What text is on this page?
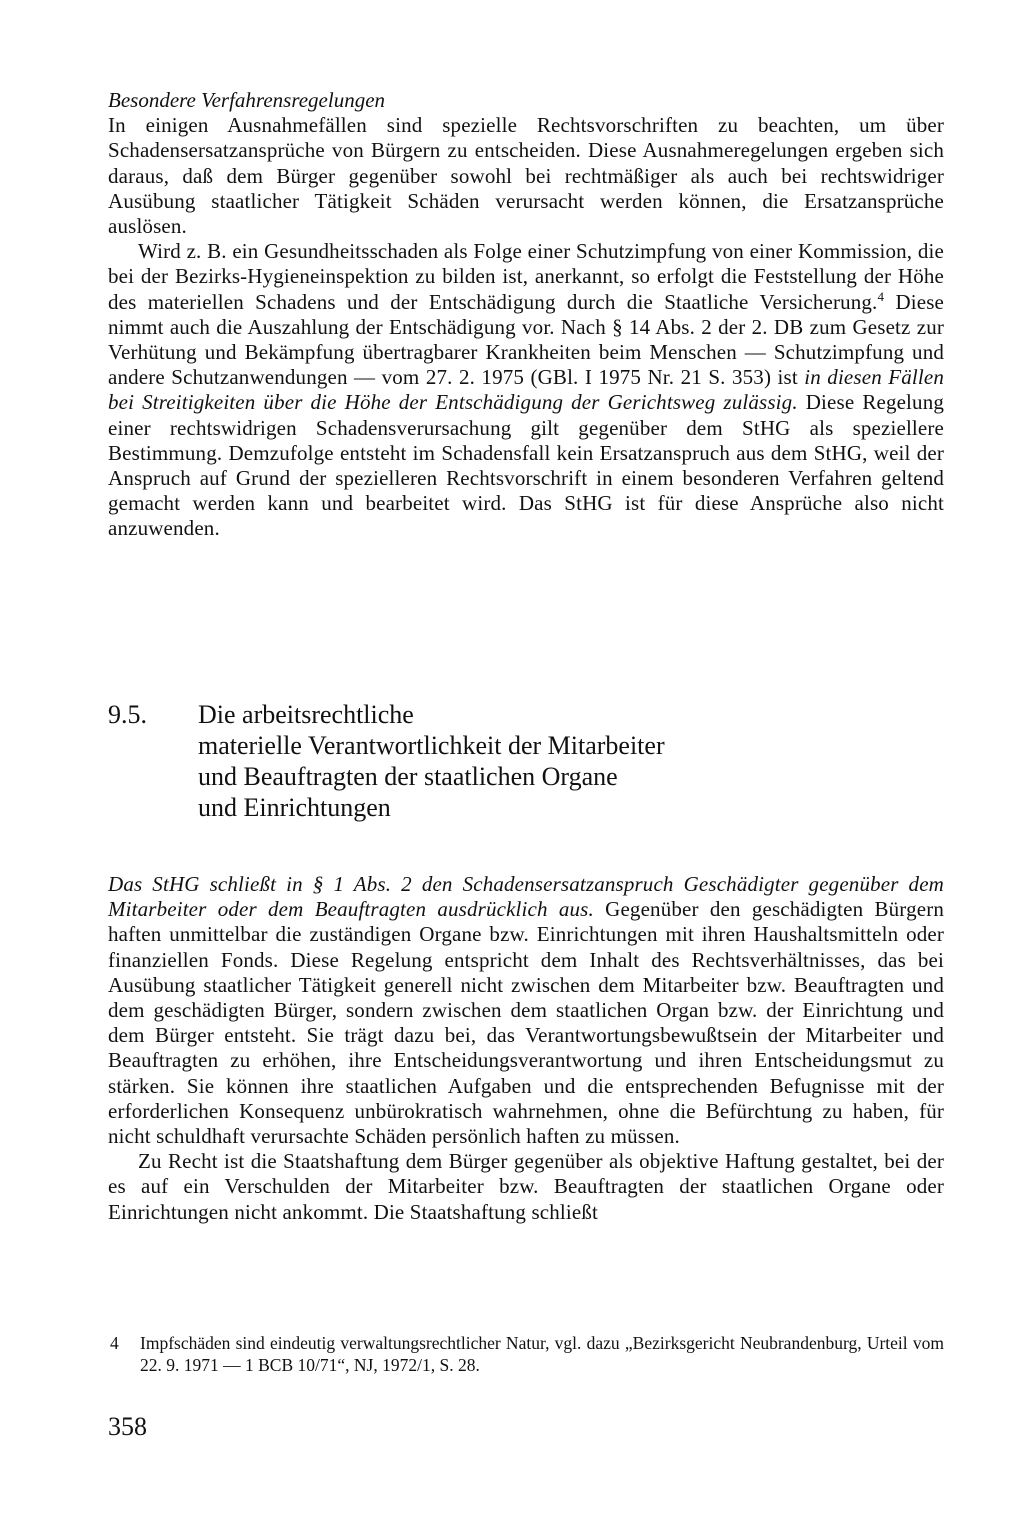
Besondere Verfahrensregelungen

In einigen Ausnahmefällen sind spezielle Rechtsvorschriften zu beachten, um über Schadensersatzansprüche von Bürgern zu entscheiden. Diese Ausnahmeregelungen ergeben sich daraus, daß dem Bürger gegenüber sowohl bei rechtmäßiger als auch bei rechtswidriger Ausübung staatlicher Tätigkeit Schäden verursacht werden können, die Ersatzansprüche auslösen.

Wird z. B. ein Gesundheitsschaden als Folge einer Schutzimpfung von einer Kommission, die bei der Bezirks-Hygieneinspektion zu bilden ist, anerkannt, so erfolgt die Feststellung der Höhe des materiellen Schadens und der Entschädigung durch die Staatliche Versicherung.$^4$ Diese nimmt auch die Auszahlung der Entschädigung vor. Nach § 14 Abs. 2 der 2. DB zum Gesetz zur Verhütung und Bekämpfung übertragbarer Krankheiten beim Menschen — Schutzimpfung und andere Schutzanwendungen — vom 27. 2. 1975 (GBl. I 1975 Nr. 21 S. 353) ist in diesen Fällen bei Streitigkeiten über die Höhe der Entschädigung der Gerichtsweg zulässig. Diese Regelung einer rechtswidrigen Schadensverursachung gilt gegenüber dem StHG als speziellere Bestimmung. Demzufolge entsteht im Schadensfall kein Ersatzanspruch aus dem StHG, weil der Anspruch auf Grund der spezielleren Rechtsvorschrift in einem besonderen Verfahren geltend gemacht werden kann und bearbeitet wird. Das StHG ist für diese Ansprüche also nicht anzuwenden.

9.5.	Die arbeitsrechtliche
materielle Verantwortlichkeit der Mitarbeiter
und Beauftragten der staatlichen Organe
und Einrichtungen

Das StHG schließt in § 1 Abs. 2 den Schadensersatzanspruch Geschädigter gegenüber dem Mitarbeiter oder dem Beauftragten ausdrücklich aus. Gegenüber den geschädigten Bürgern haften unmittelbar die zuständigen Organe bzw. Einrichtungen mit ihren Haushaltsmitteln oder finanziellen Fonds. Diese Regelung entspricht dem Inhalt des Rechtsverhältnisses, das bei Ausübung staatlicher Tätigkeit generell nicht zwischen dem Mitarbeiter bzw. Beauftragten und dem geschädigten Bürger, sondern zwischen dem staatlichen Organ bzw. der Einrichtung und dem Bürger entsteht. Sie trägt dazu bei, das Verantwortungsbewußtsein der Mitarbeiter und Beauftragten zu erhöhen, ihre Entscheidungsverantwortung und ihren Entscheidungsmut zu stärken. Sie können ihre staatlichen Aufgaben und die entsprechenden Befugnisse mit der erforderlichen Konsequenz unbürokratisch wahrnehmen, ohne die Befürchtung zu haben, für nicht schuldhaft verursachte Schäden persönlich haften zu müssen.

Zu Recht ist die Staatshaftung dem Bürger gegenüber als objektive Haftung gestaltet, bei der es auf ein Verschulden der Mitarbeiter bzw. Beauftragten der staatlichen Organe oder Einrichtungen nicht ankommt. Die Staatshaftung schließt

4	Impfschäden sind eindeutig verwaltungsrechtlicher Natur, vgl. dazu „Bezirksgericht Neubrandenburg, Urteil vom 22. 9. 1971 — 1 BCB 10/71“, NJ, 1972/1, S. 28.
358
